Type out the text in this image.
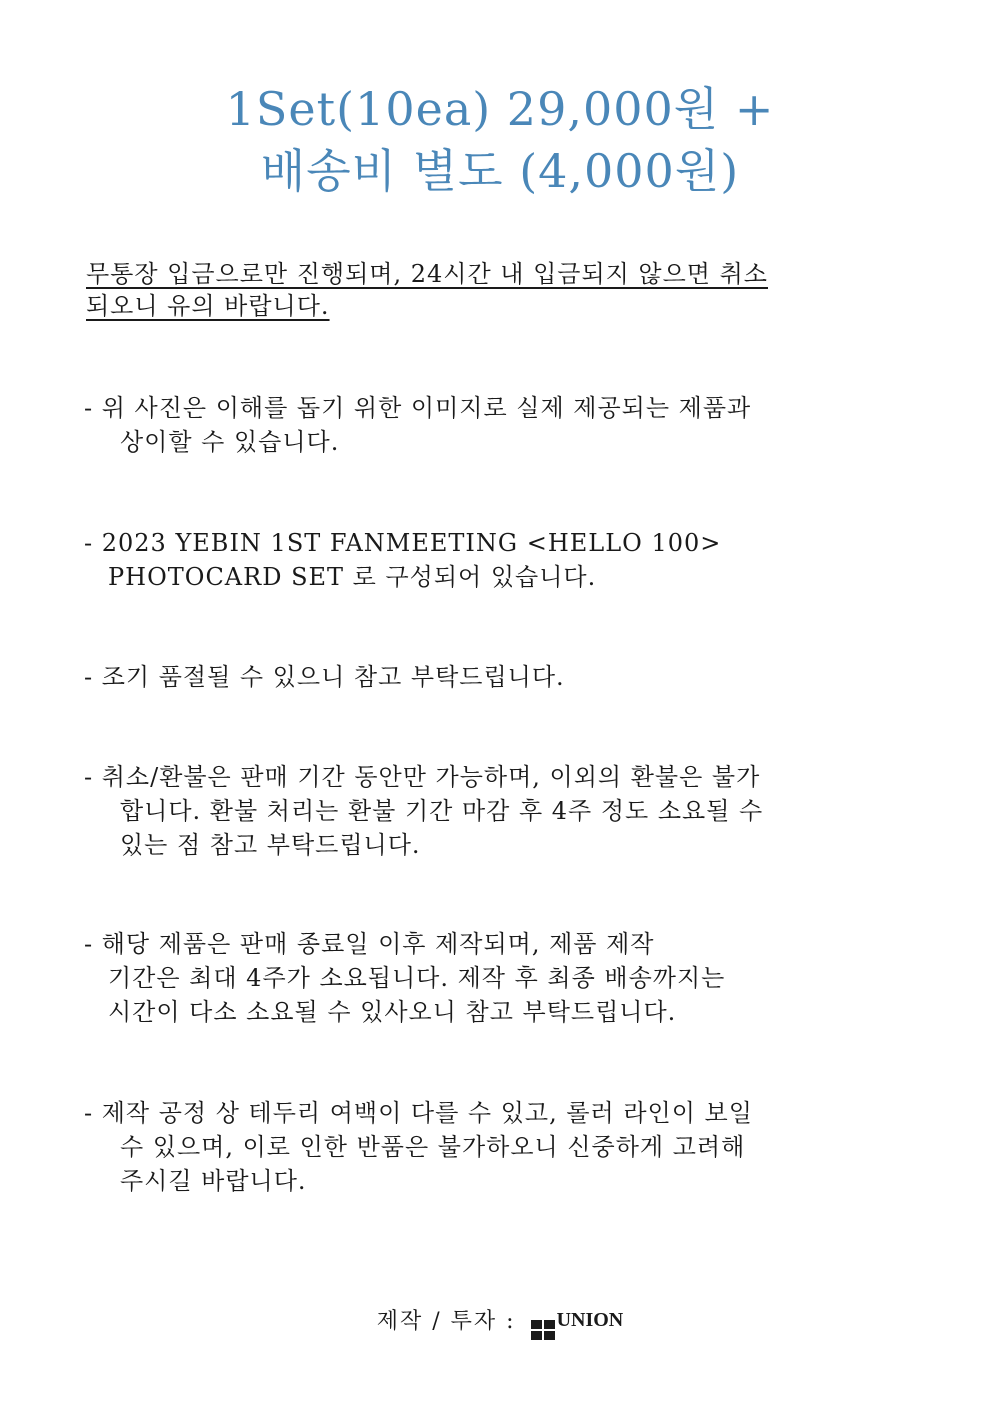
1Set(10ea) 29,000원 +
배송비 별도 (4,000원)
무통장 입금으로만 진행되며, 24시간 내 입금되지 않으면 취소
되오니 유의 바랍니다.
- 위 사진은 이해를 돕기 위한 이미지로 실제 제공되는 제품과
상이할 수 있습니다.
- 2023 YEBIN 1ST FANMEETING <HELLO 100>
PHOTOCARD SET 로 구성되어 있습니다.
- 조기 품절될 수 있으니 참고 부탁드립니다.
- 취소/환불은 판매 기간 동안만 가능하며, 이외의 환불은 불가
합니다. 환불 처리는 환불 기간 마감 후 4주 정도 소요될 수
있는 점 참고 부탁드립니다.
- 해당 제품은 판매 종료일 이후 제작되며, 제품 제작
기간은 최대 4주가 소요됩니다. 제작 후 최종 배송까지는
시간이 다소 소요될 수 있사오니 참고 부탁드립니다.
- 제작 공정 상 테두리 여백이 다를 수 있고, 롤러 라인이 보일
수 있으며, 이로 인한 반품은 불가하오니 신중하게 고려해
주시길 바랍니다.
제작 / 투자 : UNION
